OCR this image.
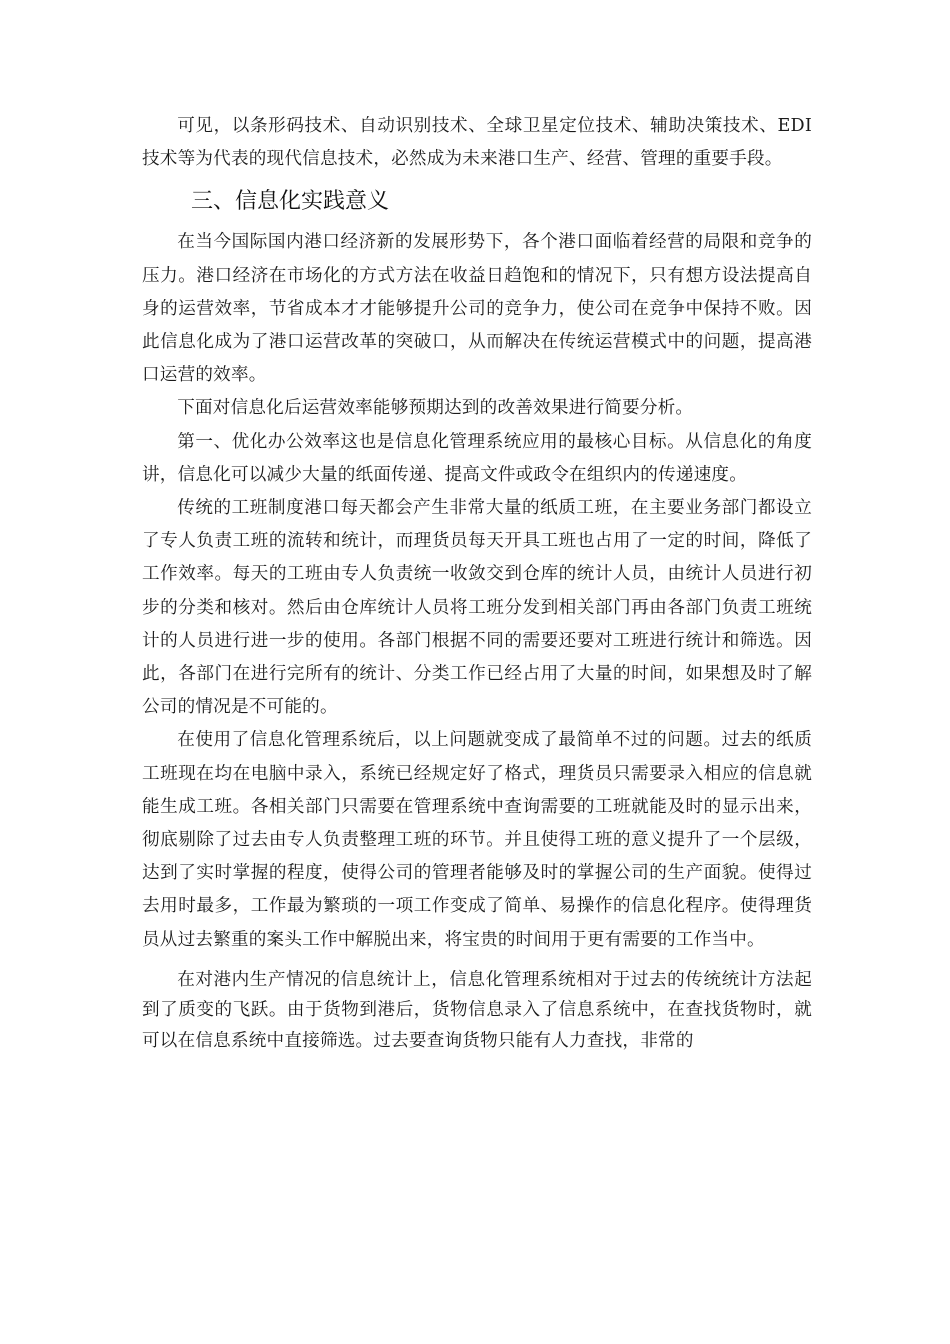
可见，以条形码技术、自动识别技术、全球卫星定位技术、辅助决策技术、EDI技术等为代表的现代信息技术，必然成为未来港口生产、经营、管理的重要手段。

三、信息化实践意义

在当今国际国内港口经济新的发展形势下，各个港口面临着经营的局限和竞争的压力。港口经济在市场化的方式方法在收益日趋饱和的情况下，只有想方设法提高自身的运营效率，节省成本才才能够提升公司的竞争力，使公司在竞争中保持不败。因此信息化成为了港口运营改革的突破口，从而解决在传统运营模式中的问题，提高港口运营的效率。

下面对信息化后运营效率能够预期达到的改善效果进行简要分析。

第一、优化办公效率这也是信息化管理系统应用的最核心目标。从信息化的角度讲，信息化可以减少大量的纸面传递、提高文件或政令在组织内的传递速度。

传统的工班制度港口每天都会产生非常大量的纸质工班，在主要业务部门都设立了专人负责工班的流转和统计，而理货员每天开具工班也占用了一定的时间，降低了工作效率。每天的工班由专人负责统一收敛交到仓库的统计人员，由统计人员进行初步的分类和核对。然后由仓库统计人员将工班分发到相关部门再由各部门负责工班统计的人员进行进一步的使用。各部门根据不同的需要还要对工班进行统计和筛选。因此，各部门在进行完所有的统计、分类工作已经占用了大量的时间，如果想及时了解公司的情况是不可能的。

在使用了信息化管理系统后，以上问题就变成了最简单不过的问题。过去的纸质工班现在均在电脑中录入，系统已经规定好了格式，理货员只需要录入相应的信息就能生成工班。各相关部门只需要在管理系统中查询需要的工班就能及时的显示出来，彻底剔除了过去由专人负责整理工班的环节。并且使得工班的意义提升了一个层级，达到了实时掌握的程度，使得公司的管理者能够及时的掌握公司的生产面貌。使得过去用时最多，工作最为繁琐的一项工作变成了简单、易操作的信息化程序。使得理货员从过去繁重的案头工作中解脱出来，将宝贵的时间用于更有需要的工作当中。

在对港内生产情况的信息统计上，信息化管理系统相对于过去的传统统计方法起到了质变的飞跃。由于货物到港后，货物信息录入了信息系统中，在查找货物时，就可以在信息系统中直接筛选。过去要查询货物只能有人力查找，非常的
